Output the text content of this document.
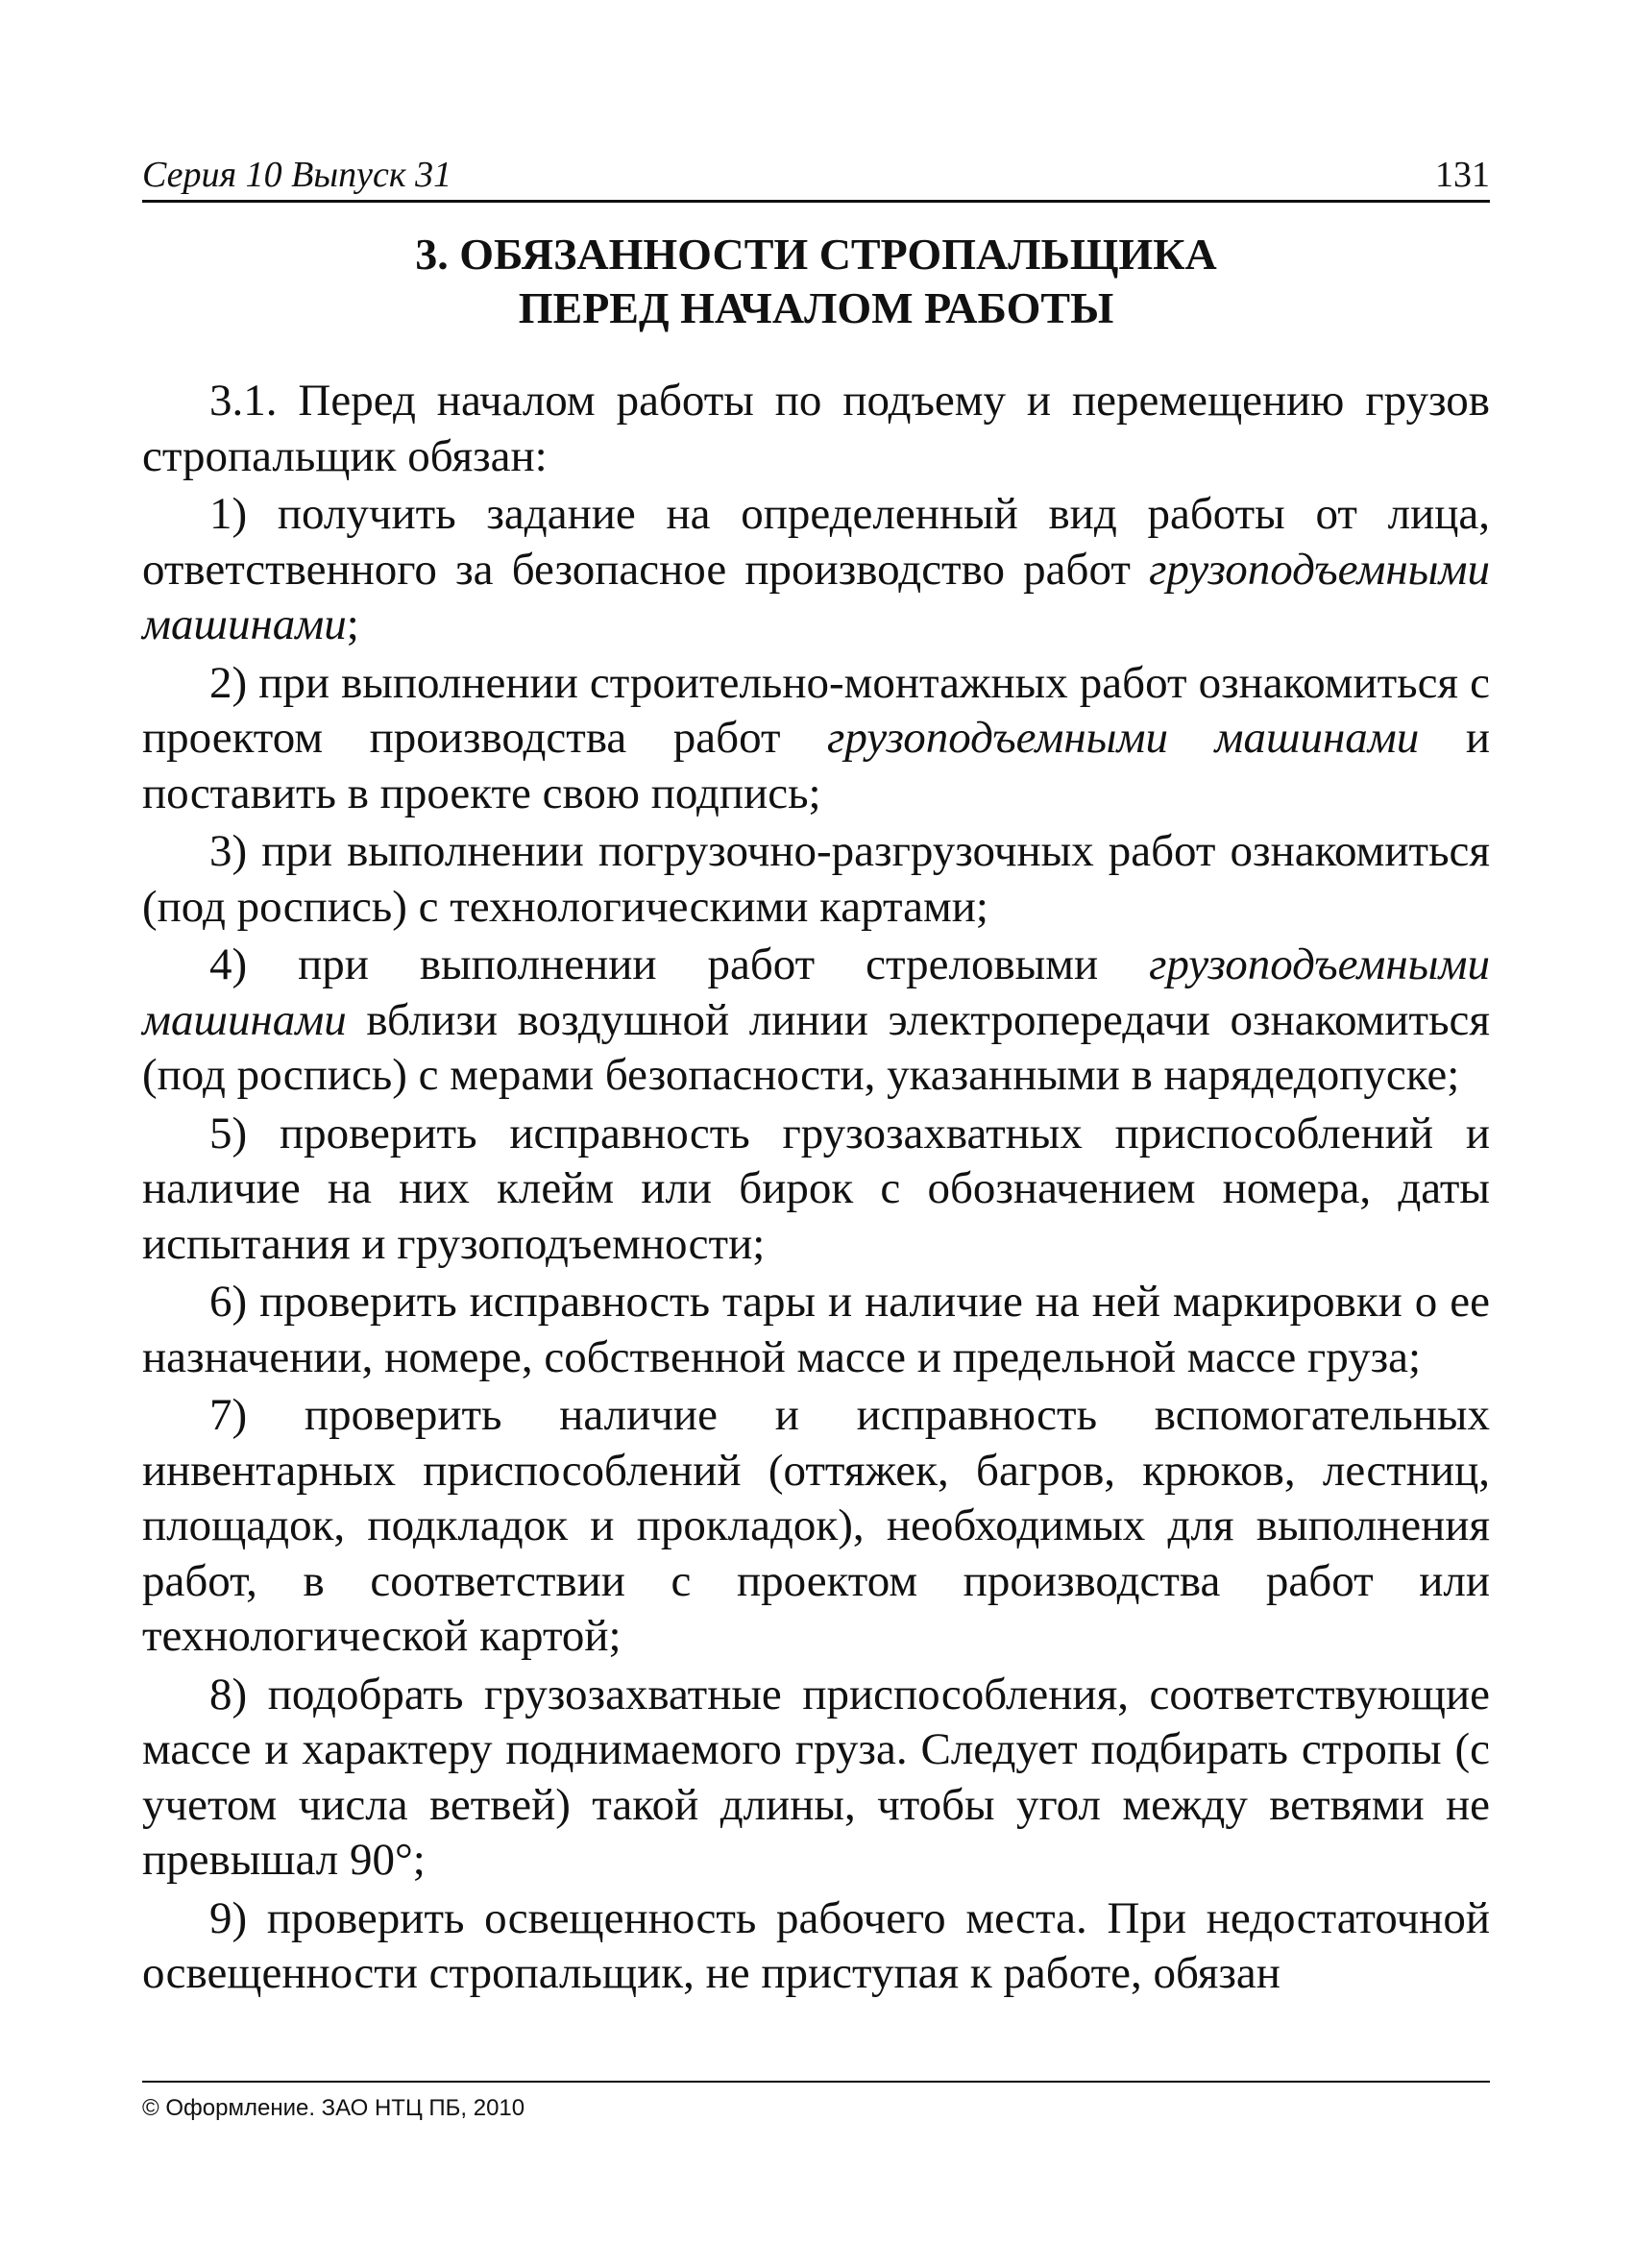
Серия 10 Выпуск 31	131
3. ОБЯЗАННОСТИ СТРОПАЛЬЩИКА
ПЕРЕД НАЧАЛОМ РАБОТЫ

3.1. Перед началом работы по подъему и перемещению грузов стропальщик обязан:

1) получить задание на определенный вид работы от лица, ответственного за безопасное производство работ грузоподъемными машинами;

2) при выполнении строительно-монтажных работ ознакомиться с проектом производства работ грузоподъемными машинами и поставить в проекте свою подпись;

3) при выполнении погрузочно-разгрузочных работ ознакомиться (под роспись) с технологическими картами;

4) при выполнении работ стреловыми грузоподъемными машинами вблизи воздушной линии электропередачи ознакомиться (под роспись) с мерами безопасности, указанными в нарядедопуске;

5) проверить исправность грузозахватных приспособлений и наличие на них клейм или бирок с обозначением номера, даты испытания и грузоподъемности;

6) проверить исправность тары и наличие на ней маркировки о ее назначении, номере, собственной массе и предельной массе груза;

7) проверить наличие и исправность вспомогательных инвентарных приспособлений (оттяжек, багров, крюков, лестниц, площадок, подкладок и прокладок), необходимых для выполнения работ, в соответствии с проектом производства работ или технологической картой;

8) подобрать грузозахватные приспособления, соответствующие массе и характеру поднимаемого груза. Следует подбирать стропы (с учетом числа ветвей) такой длины, чтобы угол между ветвями не превышал 90°;

9) проверить освещенность рабочего места. При недостаточной освещенности стропальщик, не приступая к работе, обязан

© Оформление. ЗАО НТЦ ПБ, 2010
